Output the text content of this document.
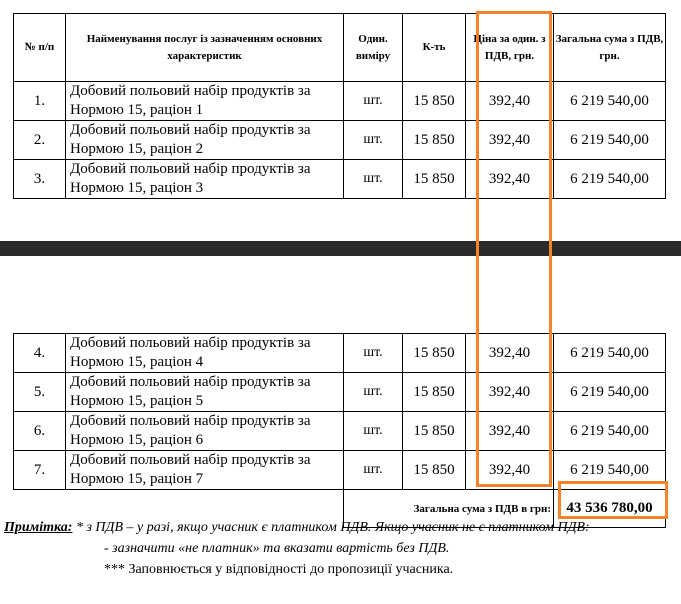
№ п/п	Найменування послуг із зазначенням основних характеристик	Один. виміру	К-ть	Ціна за один. з ПДВ, грн.	Загальна сума з ПДВ, грн.
1.	Добовий польовий набір продуктів за Нормою 15, раціон 1	шт.	15 850	392,40	6 219 540,00
2.	Добовий польовий набір продуктів за Нормою 15, раціон 2	шт.	15 850	392,40	6 219 540,00
3.	Добовий польовий набір продуктів за Нормою 15, раціон 3	шт.	15 850	392,40	6 219 540,00
4.	Добовий польовий набір продуктів за Нормою 15, раціон 4	шт.	15 850	392,40	6 219 540,00
5.	Добовий польовий набір продуктів за Нормою 15, раціон 5	шт.	15 850	392,40	6 219 540,00
6.	Добовий польовий набір продуктів за Нормою 15, раціон 6	шт.	15 850	392,40	6 219 540,00
7.	Добовий польовий набір продуктів за Нормою 15, раціон 7	шт.	15 850	392,40	6 219 540,00
		Загальна сума з ПДВ в грн:			43 536 780,00
Примітка: * з ПДВ – у разі, якщо учасник є платником ПДВ. Якщо учасник не є платником ПДВ:
- зазначити «не платник» та вказати вартість без ПДВ.
*** Заповнюється у відповідності до пропозиції учасника.
